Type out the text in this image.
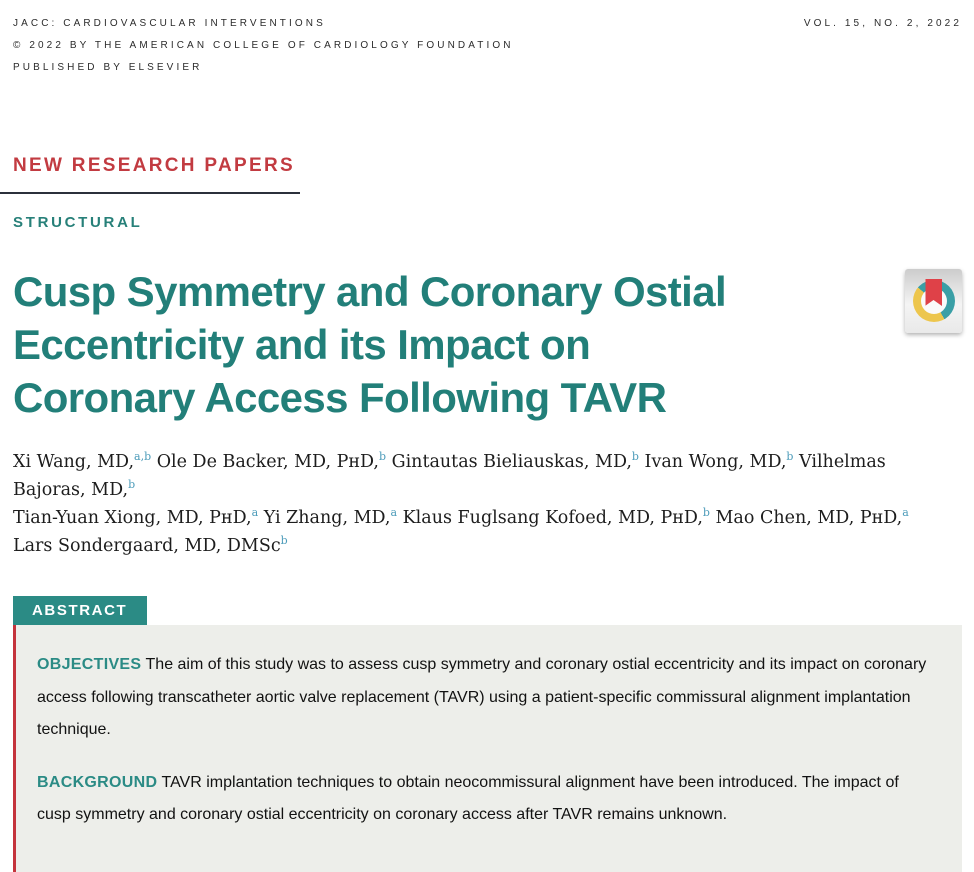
JACC: CARDIOVASCULAR INTERVENTIONS
© 2022 BY THE AMERICAN COLLEGE OF CARDIOLOGY FOUNDATION
PUBLISHED BY ELSEVIER
VOL. 15, NO. 2, 2022
NEW RESEARCH PAPERS
STRUCTURAL
Cusp Symmetry and Coronary Ostial
Eccentricity and its Impact on
Coronary Access Following TAVR
Xi Wang, MD,$^{a,b}$ Ole De Backer, MD, PʜD,$^b$ Gintautas Bieliauskas, MD,$^b$ Ivan Wong, MD,$^b$ Vilhelmas Bajoras, MD,$^b$
Tian-Yuan Xiong, MD, PʜD,$^a$ Yi Zhang, MD,$^a$ Klaus Fuglsang Kofoed, MD, PʜD,$^b$ Mao Chen, MD, PʜD,$^a$
Lars Sondergaard, MD, DMSc$^b$
ABSTRACT

OBJECTIVES The aim of this study was to assess cusp symmetry and coronary ostial eccentricity and its impact on coronary access following transcatheter aortic valve replacement (TAVR) using a patient-specific commissural alignment implantation technique.

BACKGROUND TAVR implantation techniques to obtain neocommissural alignment have been introduced. The impact of cusp symmetry and coronary ostial eccentricity on coronary access after TAVR remains unknown.
